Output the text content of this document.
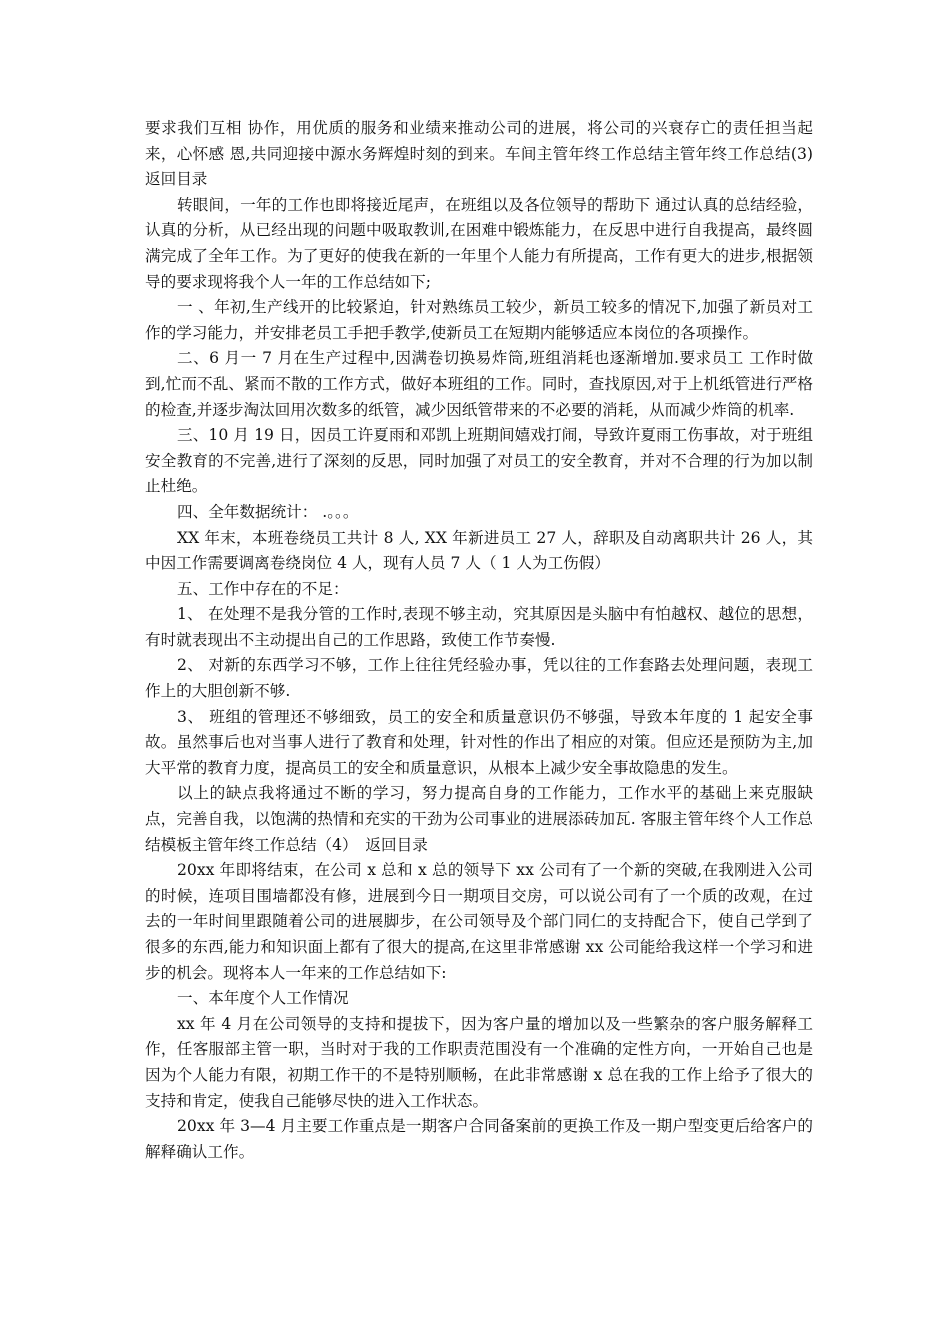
要求我们互相 协作，用优质的服务和业绩来推动公司的进展，将公司的兴衰存亡的责任担当起来，心怀感 恩,共同迎接中源水务辉煌时刻的到来。车间主管年终工作总结主管年终工作总结(3)　返回目录

转眼间，一年的工作也即将接近尾声，在班组以及各位领导的帮助下 通过认真的总结经验，认真的分析，从已经出现的问题中吸取教训,在困难中锻炼能力，在反思中进行自我提高，最终圆满完成了全年工作。为了更好的使我在新的一年里个人能力有所提高，工作有更大的进步,根据领导的要求现将我个人一年的工作总结如下;

一 、年初,生产线开的比较紧迫，针对熟练员工较少，新员工较多的情况下,加强了新员对工作的学习能力，并安排老员工手把手教学,使新员工在短期内能够适应本岗位的各项操作。

二、6 月一 7 月在生产过程中,因满卷切换易炸筒,班组消耗也逐渐增加.要求员工 工作时做到,忙而不乱、紧而不散的工作方式，做好本班组的工作。同时，查找原因,对于上机纸管进行严格的检查,并逐步淘汰回用次数多的纸管，减少因纸管带来的不必要的消耗，从而减少炸筒的机率.

三、10 月 19 日，因员工许夏雨和邓凯上班期间嬉戏打闹，导致许夏雨工伤事故，对于班组安全教育的不完善,进行了深刻的反思，同时加强了对员工的安全教育，并对不合理的行为加以制止杜绝。

四、全年数据统计： .。。。

XX 年末，本班卷绕员工共计 8 人, XX 年新进员工 27 人，辞职及自动离职共计 26 人，其中因工作需要调离卷绕岗位 4 人，现有人员 7 人（ 1 人为工伤假）

五、工作中存在的不足：

1、 在处理不是我分管的工作时,表现不够主动，究其原因是头脑中有怕越权、越位的思想，有时就表现出不主动提出自己的工作思路，致使工作节奏慢.

2、 对新的东西学习不够，工作上往往凭经验办事，凭以往的工作套路去处理问题，表现工作上的大胆创新不够.

3、 班组的管理还不够细致，员工的安全和质量意识仍不够强，导致本年度的 1 起安全事故。虽然事后也对当事人进行了教育和处理，针对性的作出了相应的对策。但应还是预防为主,加大平常的教育力度，提高员工的安全和质量意识，从根本上减少安全事故隐患的发生。

以上的缺点我将通过不断的学习，努力提高自身的工作能力，工作水平的基础上来克服缺点，完善自我，以饱满的热情和充实的干劲为公司事业的进展添砖加瓦. 客服主管年终个人工作总结模板主管年终工作总结（4）　返回目录

20xx 年即将结束，在公司 x 总和 x 总的领导下 xx 公司有了一个新的突破,在我刚进入公司的时候，连项目围墙都没有修，进展到今日一期项目交房，可以说公司有了一个质的改观，在过去的一年时间里跟随着公司的进展脚步，在公司领导及个部门同仁的支持配合下，使自己学到了很多的东西,能力和知识面上都有了很大的提高,在这里非常感谢 xx 公司能给我这样一个学习和进步的机会。现将本人一年来的工作总结如下:

一、本年度个人工作情况

xx 年 4 月在公司领导的支持和提拔下，因为客户量的增加以及一些繁杂的客户服务解释工作，任客服部主管一职，当时对于我的工作职责范围没有一个准确的定性方向，一开始自己也是因为个人能力有限，初期工作干的不是特别顺畅，在此非常感谢 x 总在我的工作上给予了很大的支持和肯定，使我自己能够尽快的进入工作状态。

20xx 年 3—4 月主要工作重点是一期客户合同备案前的更换工作及一期户型变更后给客户的解释确认工作。
